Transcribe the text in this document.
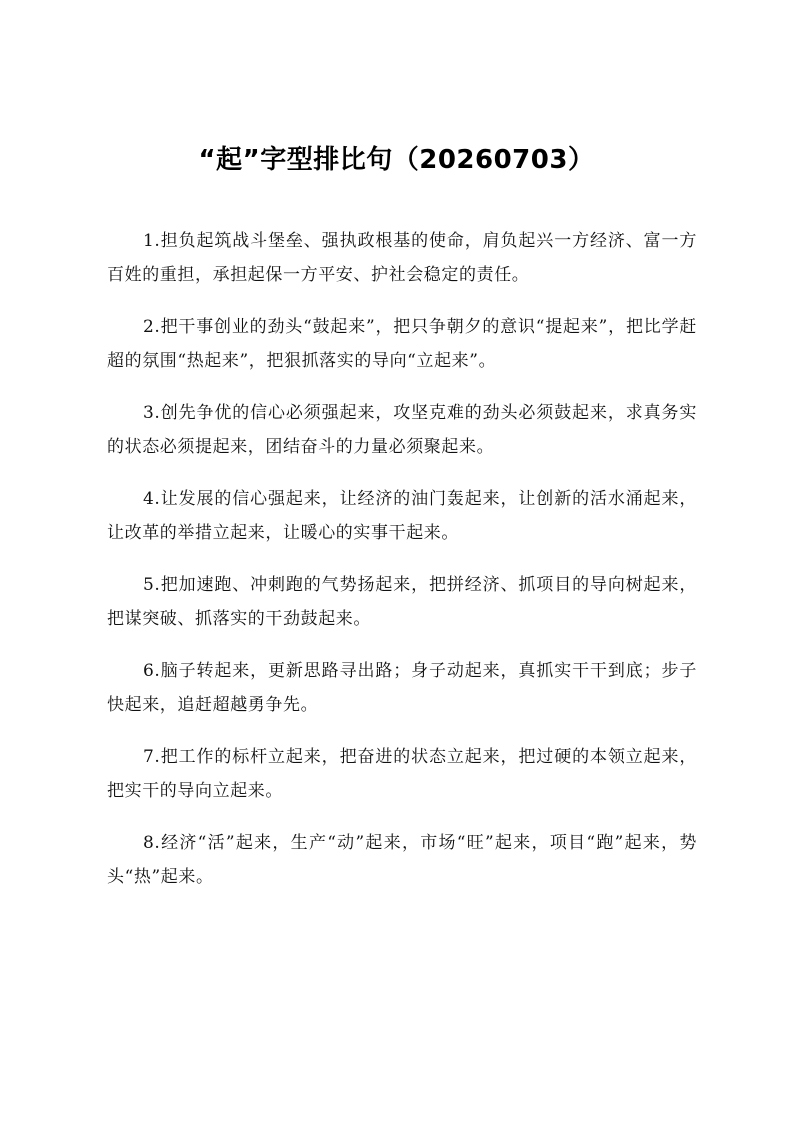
“起”字型排比句（20260703）

1.担负起筑战斗堡垒、强执政根基的使命，肩负起兴一方经济、富一方百姓的重担，承担起保一方平安、护社会稳定的责任。

2.把干事创业的劲头“鼓起来”，把只争朝夕的意识“提起来”，把比学赶超的氛围“热起来”，把狠抓落实的导向“立起来”。

3.创先争优的信心必须强起来，攻坚克难的劲头必须鼓起来，求真务实的状态必须提起来，团结奋斗的力量必须聚起来。

4.让发展的信心强起来，让经济的油门轰起来，让创新的活水涌起来，让改革的举措立起来，让暖心的实事干起来。

5.把加速跑、冲刺跑的气势扬起来，把拼经济、抓项目的导向树起来，把谋突破、抓落实的干劲鼓起来。

6.脑子转起来，更新思路寻出路；身子动起来，真抓实干干到底；步子快起来，追赶超越勇争先。

7.把工作的标杆立起来，把奋进的状态立起来，把过硬的本领立起来，把实干的导向立起来。

8.经济“活”起来，生产“动”起来，市场“旺”起来，项目“跑”起来，势头“热”起来。
